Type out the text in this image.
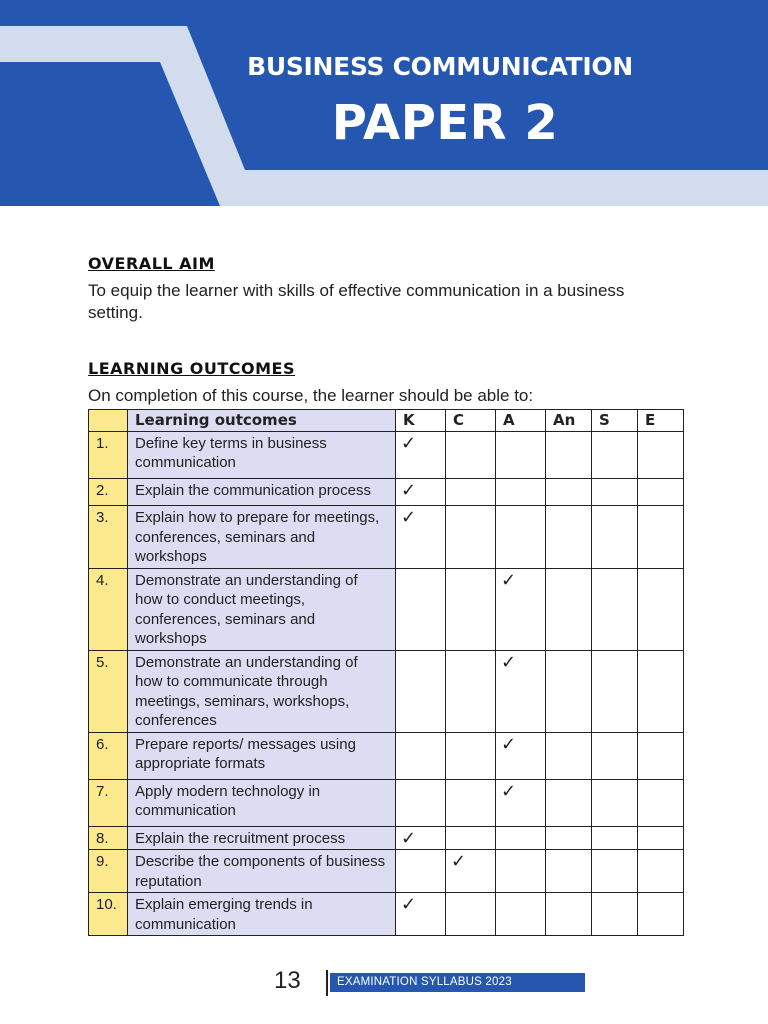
BUSINESS COMMUNICATION
PAPER 2
OVERALL AIM

To equip the learner with skills of effective communication in a business setting.

LEARNING OUTCOMES

On completion of this course, the learner should be able to:

	Learning outcomes	K	C	A	An	S	E
1.	Define key terms in business communication	✓					
2.	Explain the communication process	✓					
3.	Explain how to prepare for meetings, conferences, seminars and workshops	✓					
4.	Demonstrate an understanding of how to conduct meetings, conferences, seminars and workshops			✓			
5.	Demonstrate an understanding of how to communicate through meetings, seminars, workshops, conferences			✓			
6.	Prepare reports/ messages using appropriate formats			✓			
7.	Apply modern technology in communication			✓			
8.	Explain the recruitment process	✓					
9.	Describe the components of business reputation		✓				
10.	Explain emerging trends in communication	✓					

13	EXAMINATION SYLLABUS 2023
